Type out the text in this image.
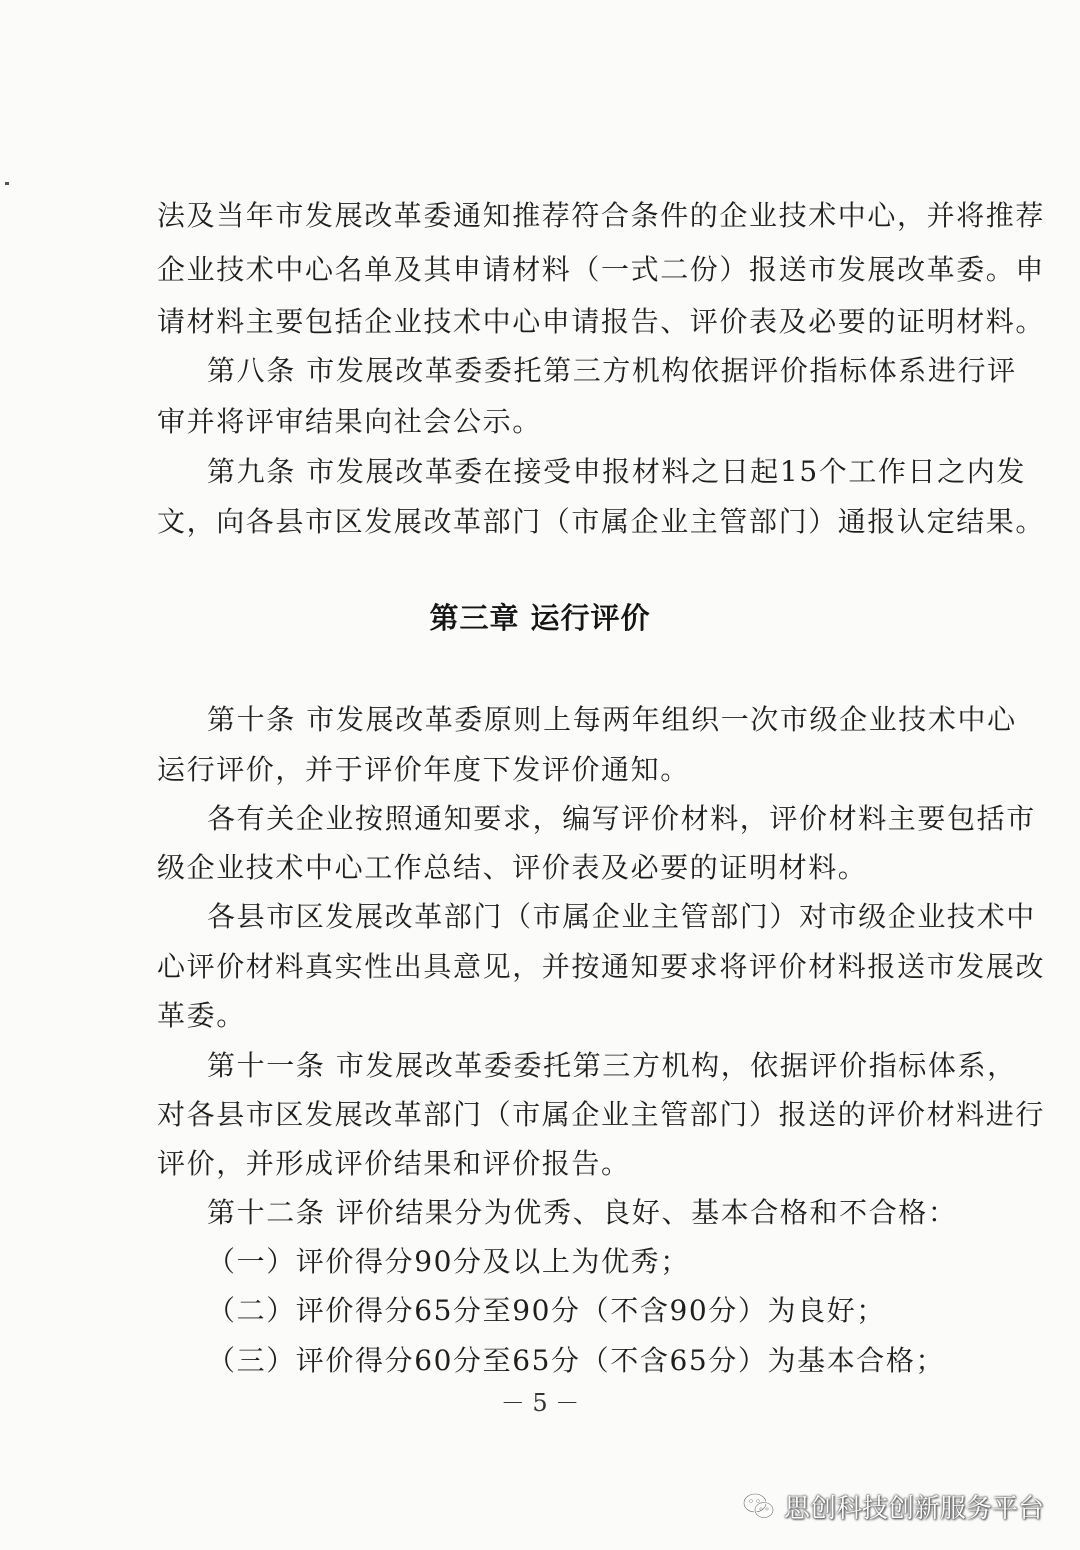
法及当年市发展改革委通知推荐符合条件的企业技术中心，并将推荐
企业技术中心名单及其申请材料（一式二份）报送市发展改革委。申
请材料主要包括企业技术中心申请报告、评价表及必要的证明材料。
第八条 市发展改革委委托第三方机构依据评价指标体系进行评
审并将评审结果向社会公示。
第九条 市发展改革委在接受申报材料之日起15个工作日之内发
文，向各县市区发展改革部门（市属企业主管部门）通报认定结果。
第三章 运行评价
第十条 市发展改革委原则上每两年组织一次市级企业技术中心
运行评价，并于评价年度下发评价通知。
各有关企业按照通知要求，编写评价材料，评价材料主要包括市
级企业技术中心工作总结、评价表及必要的证明材料。
各县市区发展改革部门（市属企业主管部门）对市级企业技术中
心评价材料真实性出具意见，并按通知要求将评价材料报送市发展改
革委。
第十一条 市发展改革委委托第三方机构，依据评价指标体系，
对各县市区发展改革部门（市属企业主管部门）报送的评价材料进行
评价，并形成评价结果和评价报告。
第十二条 评价结果分为优秀、良好、基本合格和不合格：
（一）评价得分90分及以上为优秀；
（二）评价得分65分至90分（不含90分）为良好；
（三）评价得分60分至65分（不含65分）为基本合格；
－ 5 －
思创科技创新服务平台
